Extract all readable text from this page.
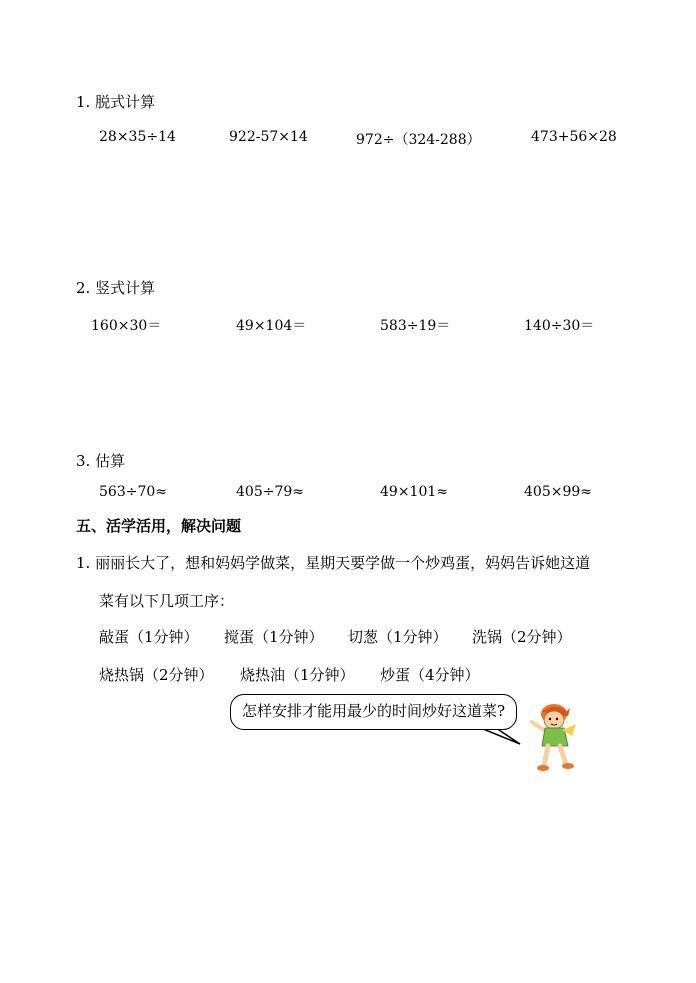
1. 脱式计算
28×35÷14	922-57×14	972÷（324-288）	473+56×28
2. 竖式计算
160×30＝	49×104＝	583÷19＝	140÷30＝
3. 估算
563÷70≈	405÷79≈	49×101≈	405×99≈
五、活学活用，解决问题
1. 丽丽长大了，想和妈妈学做菜，星期天要学做一个炒鸡蛋，妈妈告诉她这道
菜有以下几项工序：
敲蛋（1分钟） 搅蛋（1分钟） 切葱（1分钟） 洗锅（2分钟）
烧热锅（2分钟） 烧热油（1分钟） 炒蛋（4分钟）
怎样安排才能用最少的时间炒好这道菜?
